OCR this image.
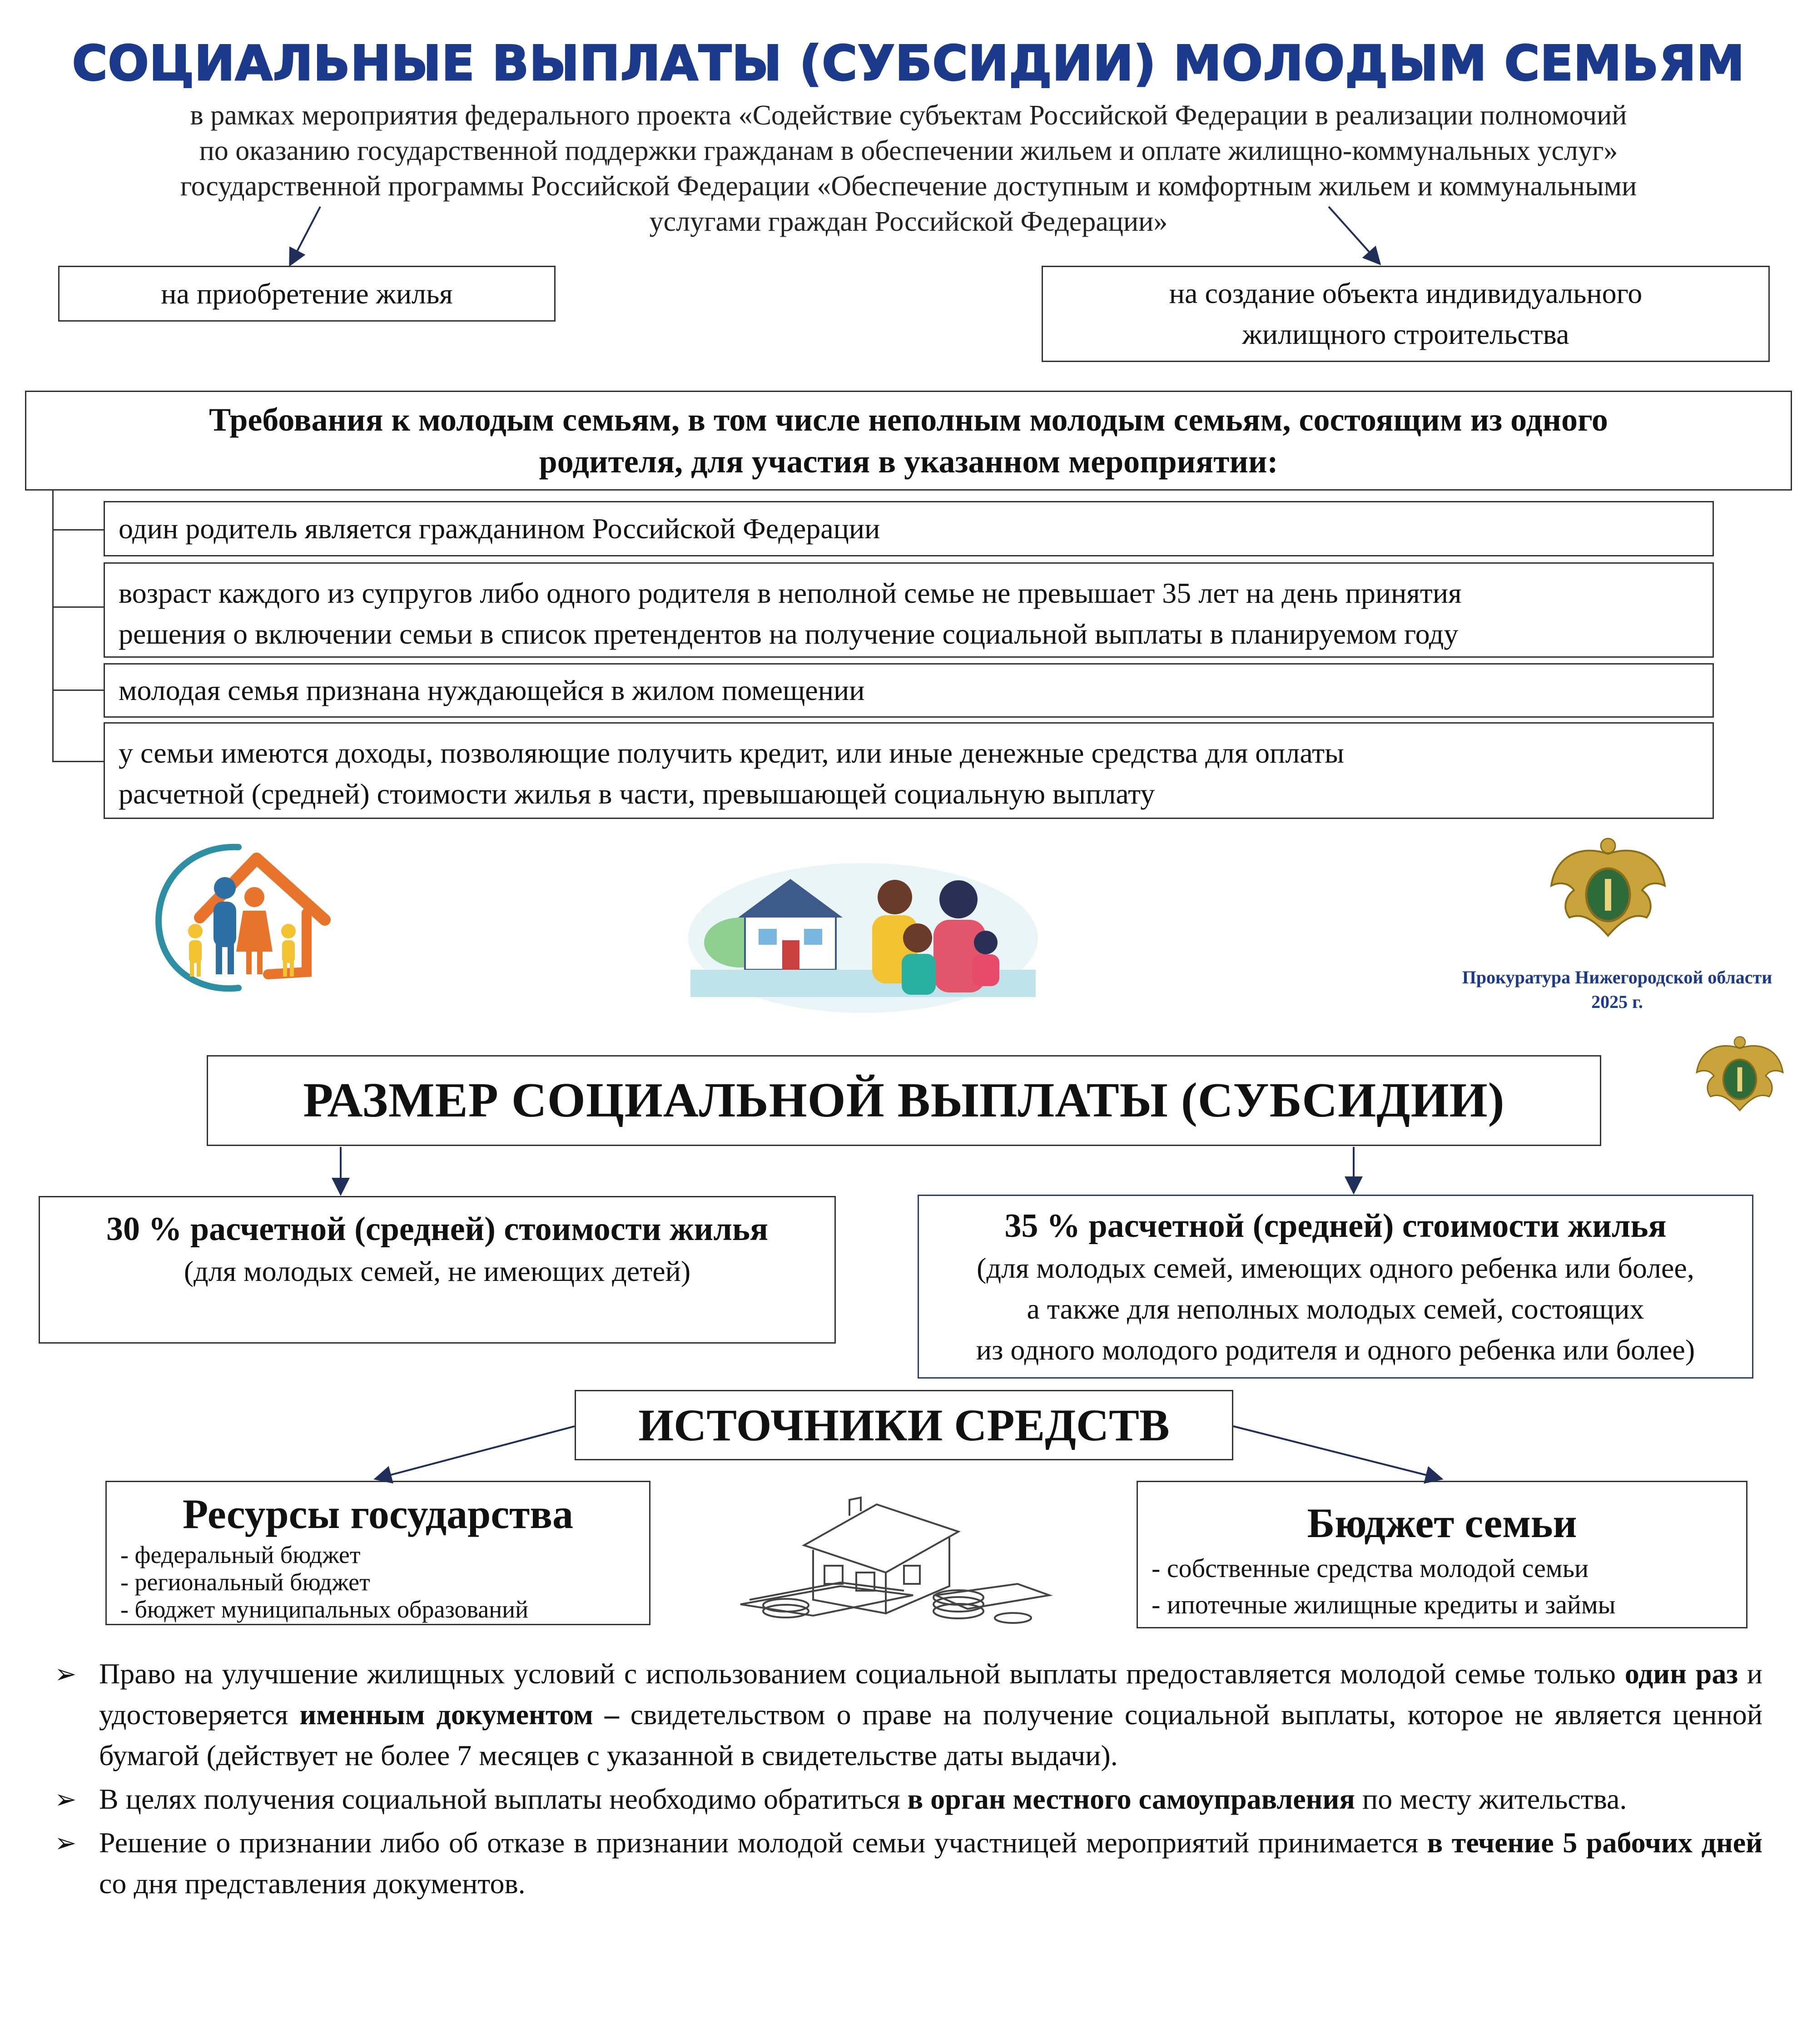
СОЦИАЛЬНЫЕ ВЫПЛАТЫ (СУБСИДИИ) МОЛОДЫМ СЕМЬЯМ
в рамках мероприятия федерального проекта «Содействие субъектам Российской Федерации в реализации полномочий
по оказанию государственной поддержки гражданам в обеспечении жильем и оплате жилищно-коммунальных услуг»
государственной программы Российской Федерации «Обеспечение доступным и комфортным жильем и коммунальными
услугами граждан Российской Федерации»
на приобретение жилья	на создание объекта индивидуального
жилищного строительства
Требования к молодым семьям, в том числе неполным молодым семьям, состоящим из одного
родителя, для участия в указанном мероприятии:
один родитель является гражданином Российской Федерации
возраст каждого из супругов либо одного родителя в неполной семье не превышает 35 лет на день принятия
решения о включении семьи в список претендентов на получение социальной выплаты в планируемом году
молодая семья признана нуждающейся в жилом помещении
у семьи имеются доходы, позволяющие получить кредит, или иные денежные средства для оплаты
расчетной (средней) стоимости жилья в части, превышающей социальную выплату
Прокуратура Нижегородской области
2025 г.
РАЗМЕР СОЦИАЛЬНОЙ ВЫПЛАТЫ (СУБСИДИИ)
30 % расчетной (средней) стоимости жилья
(для молодых семей, не имеющих детей)
35 % расчетной (средней) стоимости жилья
(для молодых семей, имеющих одного ребенка или более,
а также для неполных молодых семей, состоящих
из одного молодого родителя и одного ребенка или более)
ИСТОЧНИКИ СРЕДСТВ
Ресурсы государства
- федеральный бюджет
- региональный бюджет
- бюджет муниципальных образований
Бюджет семьи
- собственные средства молодой семьи
- ипотечные жилищные кредиты и займы
➢ Право на улучшение жилищных условий с использованием социальной выплаты предоставляется молодой семье только один раз и удостоверяется именным документом – свидетельством о праве на получение социальной выплаты, которое не является ценной бумагой (действует не более 7 месяцев с указанной в свидетельстве даты выдачи).
➢ В целях получения социальной выплаты необходимо обратиться в орган местного самоуправления по месту жительства.
➢ Решение о признании либо об отказе в признании молодой семьи участницей мероприятий принимается в течение 5 рабочих дней со дня представления документов.
